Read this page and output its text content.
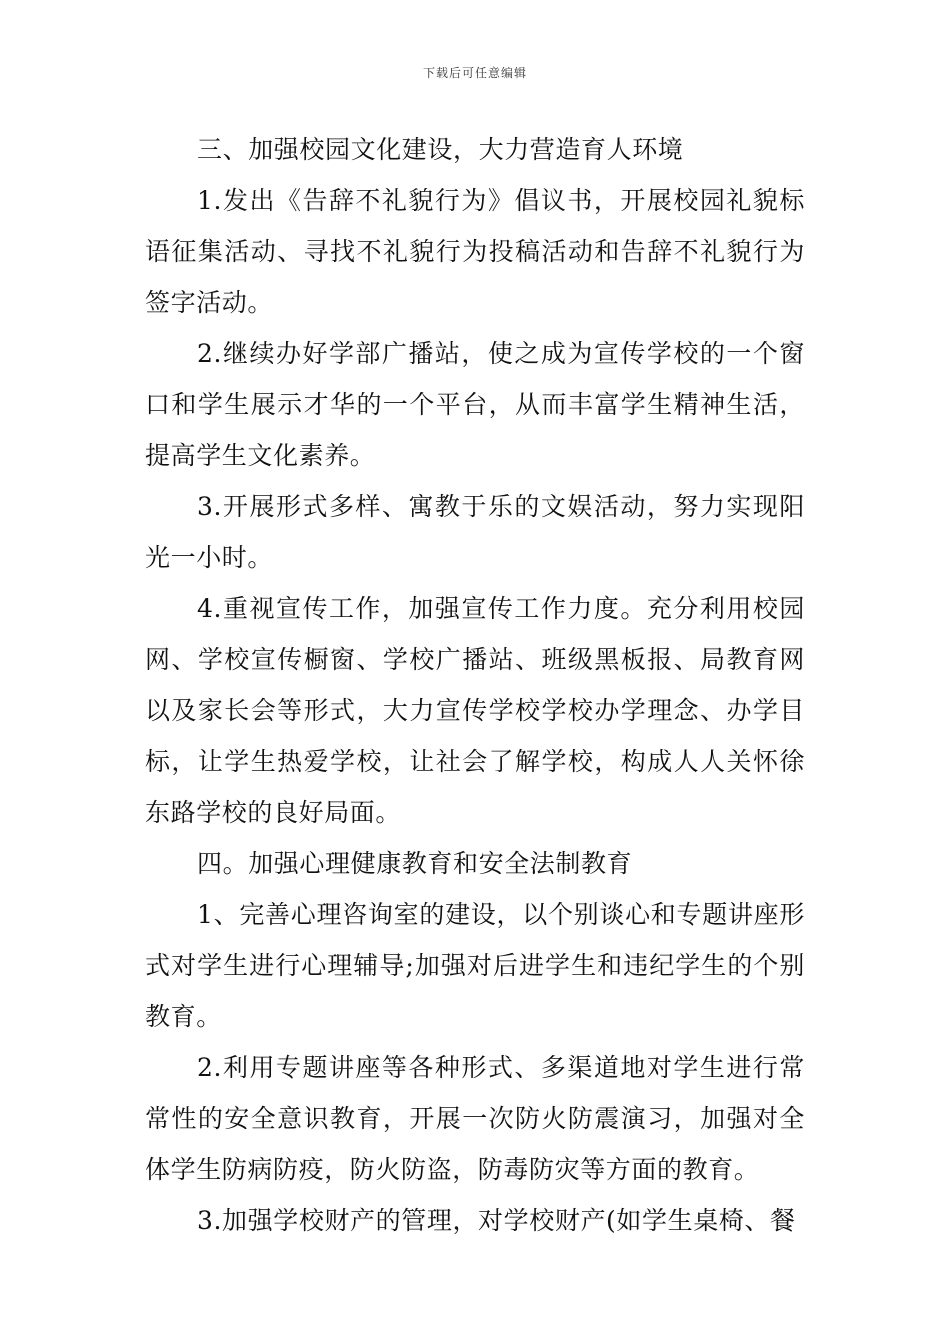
下载后可任意编辑

三、加强校园文化建设，大力营造育人环境

1.发出《告辞不礼貌行为》倡议书，开展校园礼貌标语征集活动、寻找不礼貌行为投稿活动和告辞不礼貌行为签字活动。

2.继续办好学部广播站，使之成为宣传学校的一个窗口和学生展示才华的一个平台，从而丰富学生精神生活，提高学生文化素养。

3.开展形式多样、寓教于乐的文娱活动，努力实现阳光一小时。

4.重视宣传工作，加强宣传工作力度。充分利用校园网、学校宣传橱窗、学校广播站、班级黑板报、局教育网以及家长会等形式，大力宣传学校学校办学理念、办学目标，让学生热爱学校，让社会了解学校，构成人人关怀徐东路学校的良好局面。

四。加强心理健康教育和安全法制教育

1、完善心理咨询室的建设，以个别谈心和专题讲座形式对学生进行心理辅导;加强对后进学生和违纪学生的个别教育。

2.利用专题讲座等各种形式、多渠道地对学生进行常常性的安全意识教育，开展一次防火防震演习，加强对全体学生防病防疫，防火防盗，防毒防灾等方面的教育。

3.加强学校财产的管理，对学校财产(如学生桌椅、餐
